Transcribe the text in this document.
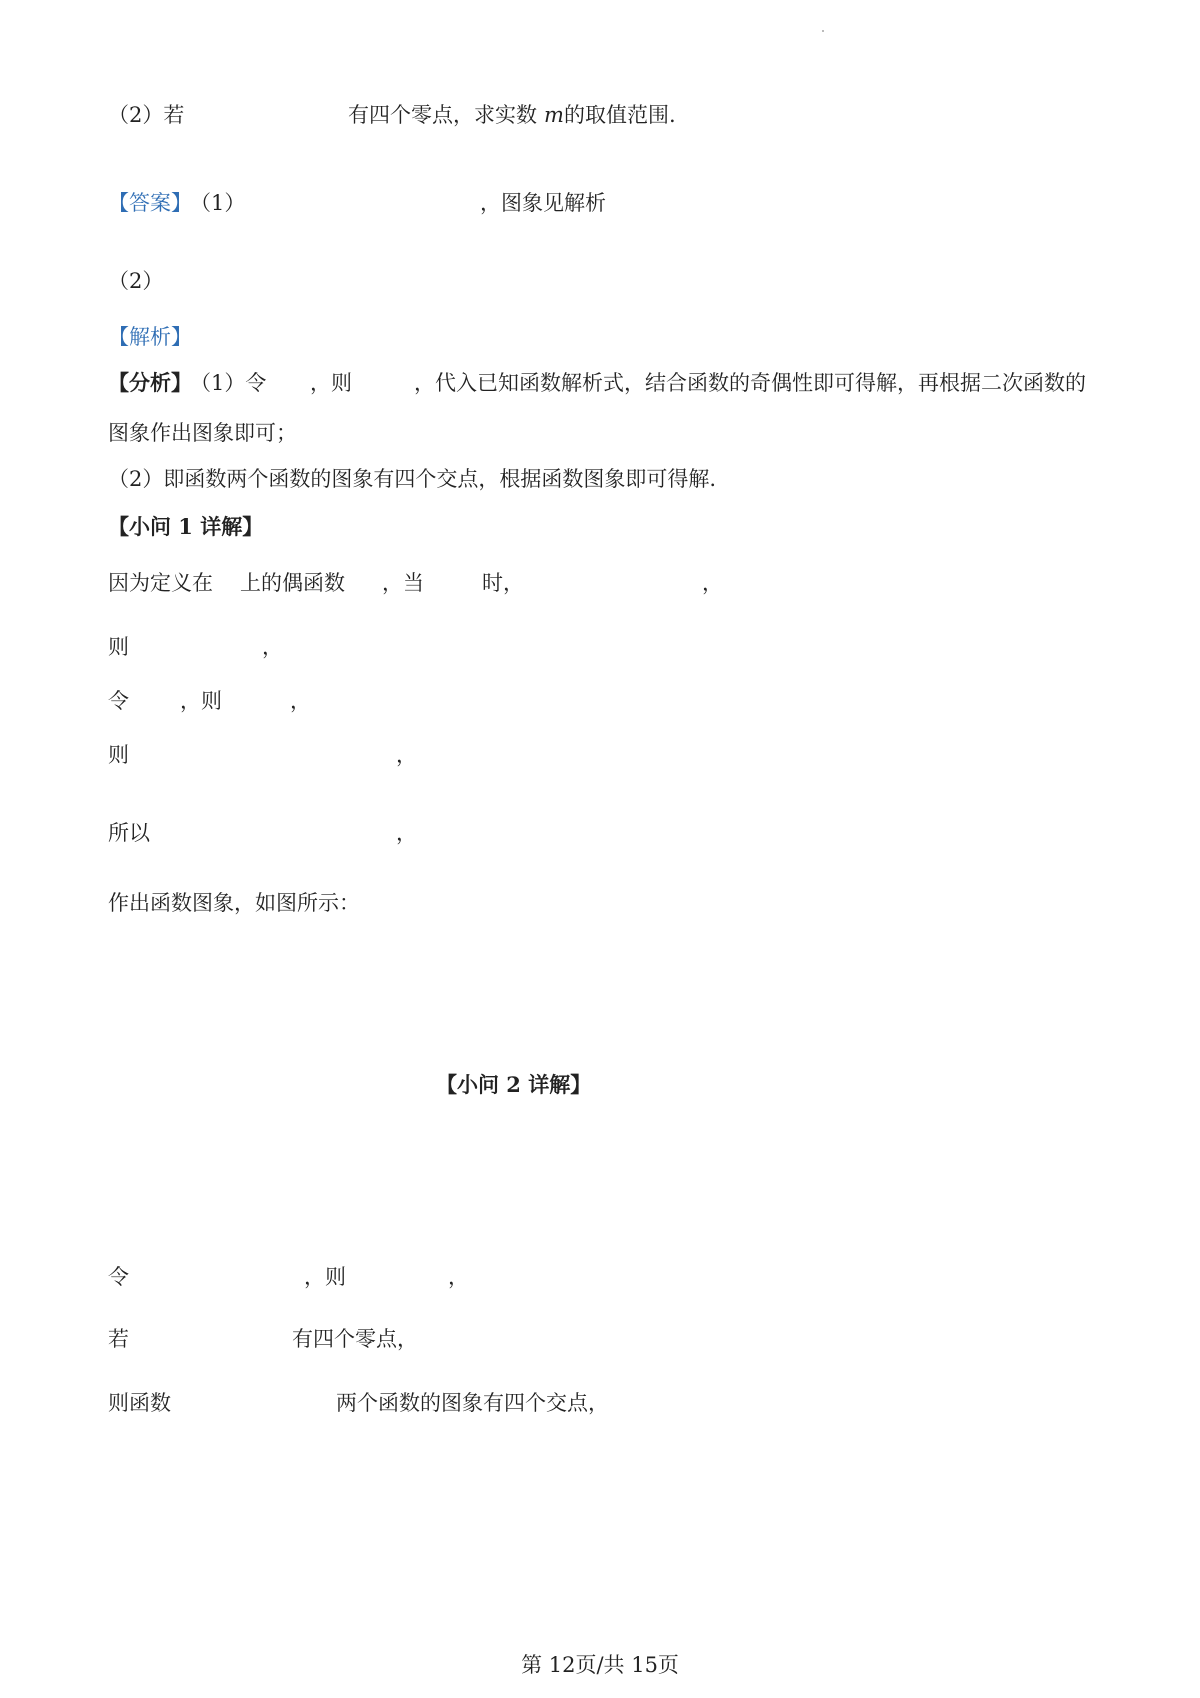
（2）若	有四个零点，求实数 m 的取值范围.
【答案】
（1）	，图象见解析
（2）
【解析】
【分析】
（1）令 ，则	，代入已知函数解析式，结合函数的奇偶性即可得解，再根据二次函数的
图象作出图象即可；
（2）即函数两个函数的图象有四个交点，根据函数图象即可得解.
【小问 1 详解】
因为定义在 上的偶函数 ，当	时，	，
则	，
令 ，则	，
则	，
所以	，
作出函数图象，如图所示：
【小问 2 详解】
令	，则	，
若	有四个零点，
则函数	两个函数的图象有四个交点，
第 12页/共 15页
